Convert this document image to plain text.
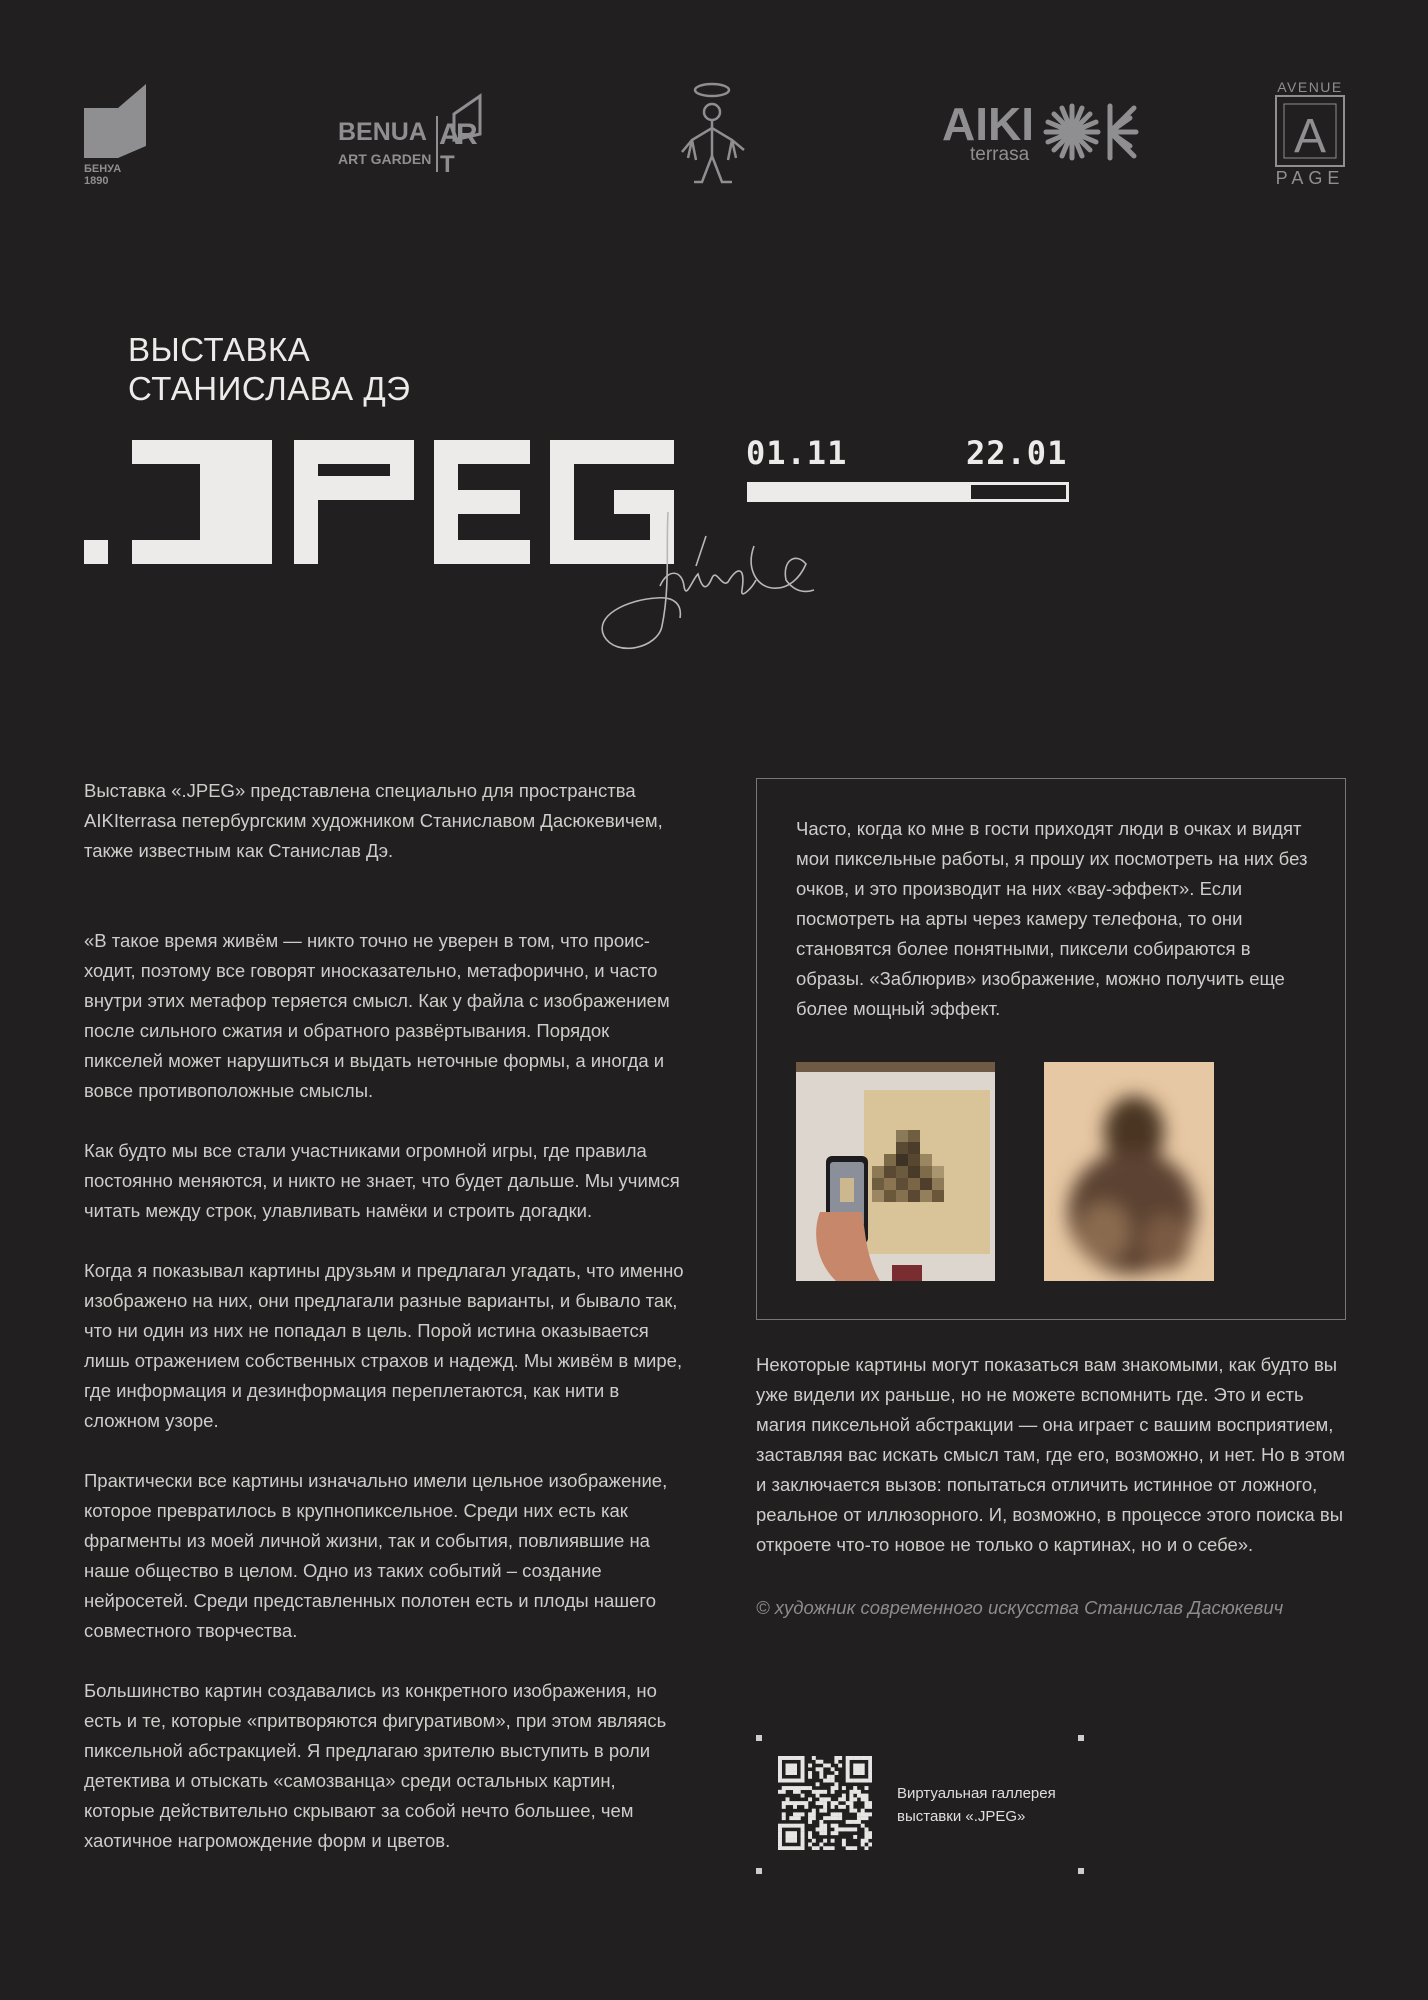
БЕНУА
1890
BENUA
ART GARDEN
A
R
T
AIKI
terrasa
AVENUE
A
PAGE
ВЫСТАВКА
СТАНИСЛАВА ДЭ
01.11	22.01

Выставка «.JPEG» представлена специально для пространства AIKIterrasa петербургским художником Станиславом Дасюкевичем, также известным как Станислав Дэ.

«В такое время живём — никто точно не уверен в том, что происходит, поэтому все говорят иносказательно, метафорично, и часто внутри этих метафор теряется смысл. Как у файла с изображением после сильного сжатия и обратного развёртывания. Порядок пикселей может нарушиться и выдать неточные формы, а иногда и вовсе противоположные смыслы.

Как будто мы все стали участниками огромной игры, где правила постоянно меняются, и никто не знает, что будет дальше. Мы учимся читать между строк, улавливать намёки и строить догадки.

Когда я показывал картины друзьям и предлагал угадать, что именно изображено на них, они предлагали разные варианты, и бывало так, что ни один из них не попадал в цель. Порой истина оказывается лишь отражением собственных страхов и надежд. Мы живём в мире, где информация и дезинформация переплетаются, как нити в сложном узоре.

Практически все картины изначально имели цельное изображение, которое превратилось в крупнопиксельное. Среди них есть как фрагменты из моей личной жизни, так и события, повлиявшие на наше общество в целом. Одно из таких событий – создание нейросетей. Среди представленных полотен есть и плоды нашего совместного творчества.

Большинство картин создавались из конкретного изображения, но есть и те, которые «притворяются фигуративом», при этом являясь пиксельной абстракцией. Я предлагаю зрителю выступить в роли детектива и отыскать «самозванца» среди остальных картин, которые действительно скрывают за собой нечто большее, чем хаотичное нагромождение форм и цветов.

Часто, когда ко мне в гости приходят люди в очках и видят мои пиксельные работы, я прошу их посмотреть на них без очков, и это производит на них «вау-эффект». Если посмотреть на арты через камеру телефона, то они становятся более понятными, пиксели собираются в образы. «Заблюрив» изображение, можно получить еще более мощный эффект.
Некоторые картины могут показаться вам знакомыми, как будто вы уже видели их раньше, но не можете вспомнить где. Это и есть магия пиксельной абстракции — она играет с вашим восприятием, заставляя вас искать смысл там, где его, возможно, и нет. Но в этом и заключается вызов: попытаться отличить истинное от ложного, реальное от иллюзорного. И, возможно, в процессе этого поиска вы откроете что-то новое не только о картинах, но и о себе».
© художник современного искусства Станислав Дасюкевич
Виртуальная галлерея
выставки «.JPEG»
